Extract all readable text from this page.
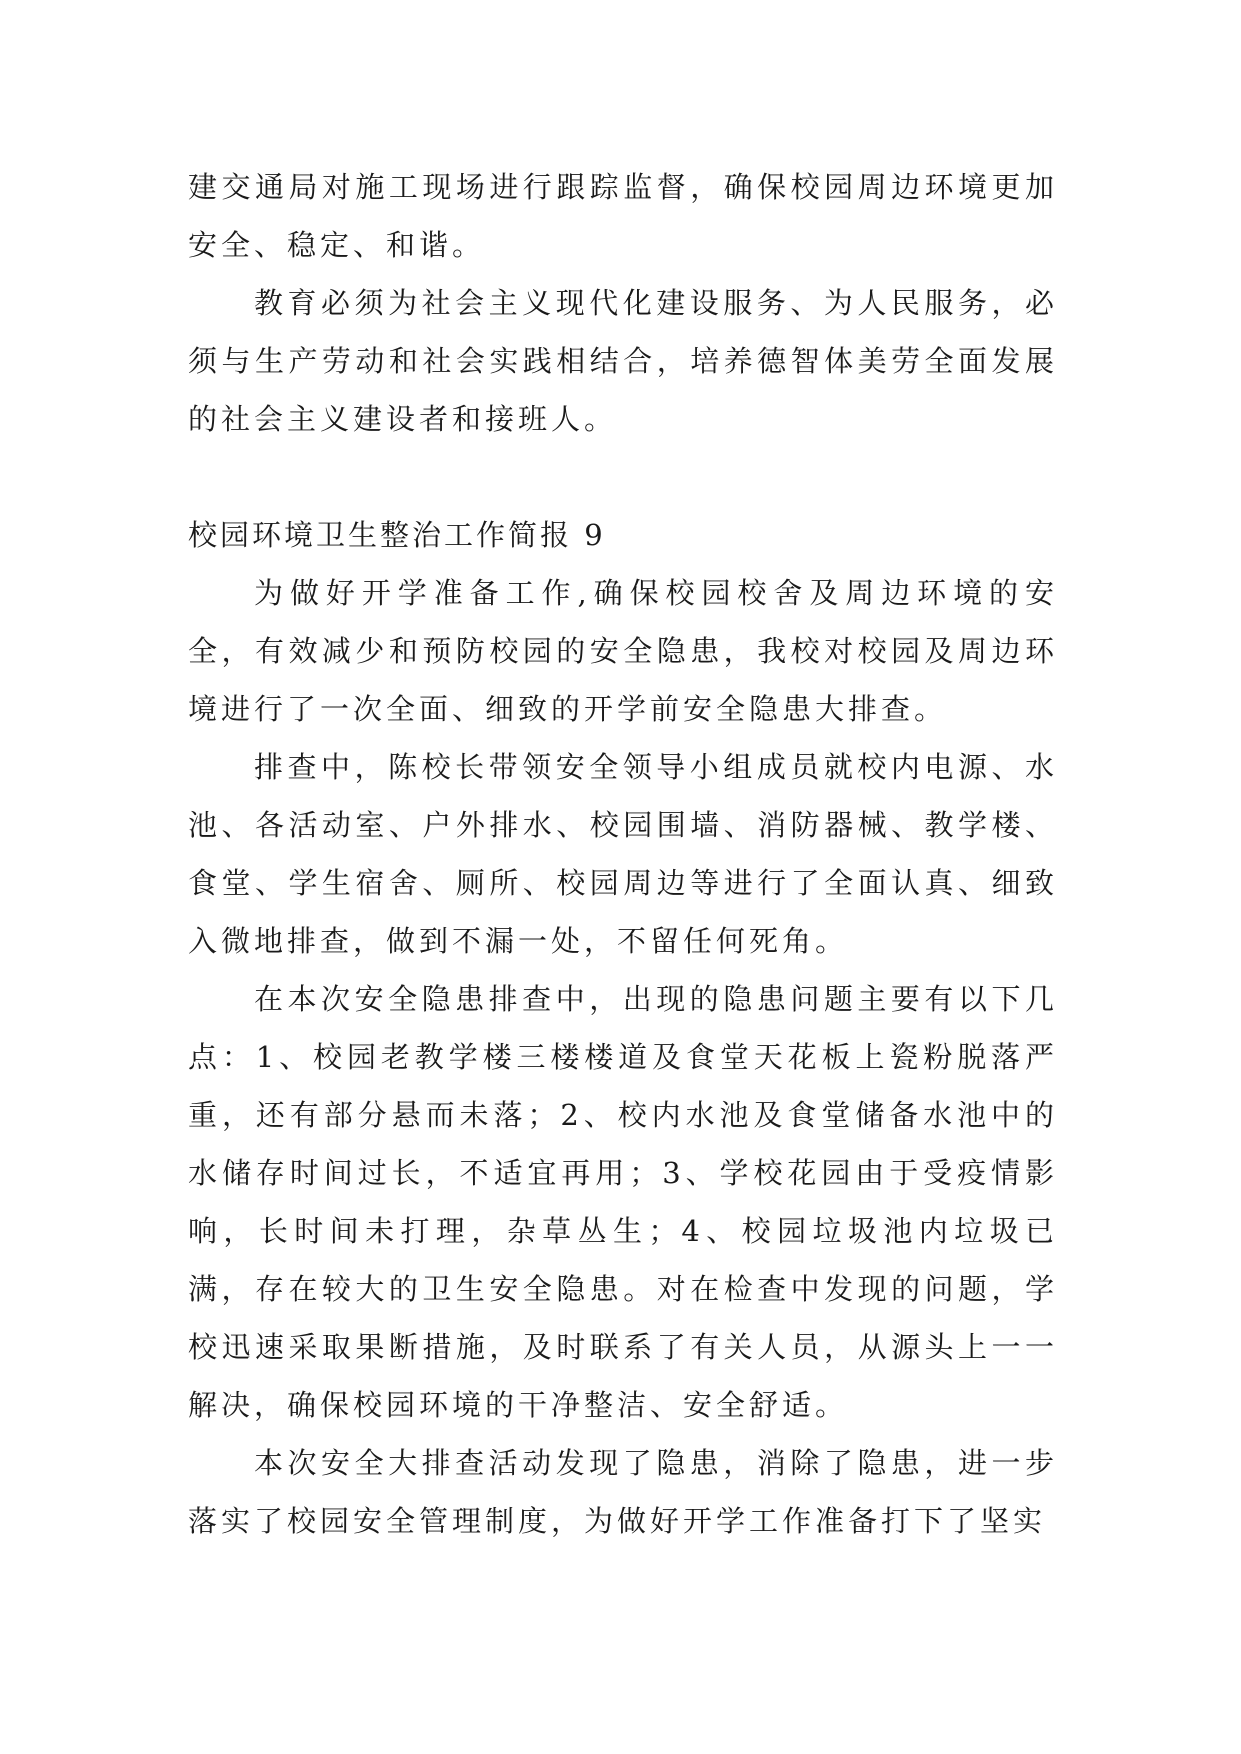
建交通局对施工现场进行跟踪监督，确保校园周边环境更加安全、稳定、和谐。

教育必须为社会主义现代化建设服务、为人民服务，必须与生产劳动和社会实践相结合，培养德智体美劳全面发展的社会主义建设者和接班人。

校园环境卫生整治工作简报 9

为做好开学准备工作,确保校园校舍及周边环境的安全，有效减少和预防校园的安全隐患，我校对校园及周边环境进行了一次全面、细致的开学前安全隐患大排查。

排查中，陈校长带领安全领导小组成员就校内电源、水池、各活动室、户外排水、校园围墙、消防器械、教学楼、食堂、学生宿舍、厕所、校园周边等进行了全面认真、细致入微地排查，做到不漏一处，不留任何死角。

在本次安全隐患排查中，出现的隐患问题主要有以下几点：1、校园老教学楼三楼楼道及食堂天花板上瓷粉脱落严重，还有部分悬而未落；2、校内水池及食堂储备水池中的水储存时间过长，不适宜再用；3、学校花园由于受疫情影响，长时间未打理，杂草丛生；4、校园垃圾池内垃圾已满，存在较大的卫生安全隐患。对在检查中发现的问题，学校迅速采取果断措施，及时联系了有关人员，从源头上一一解决，确保校园环境的干净整洁、安全舒适。

本次安全大排查活动发现了隐患，消除了隐患，进一步落实了校园安全管理制度，为做好开学工作准备打下了坚实
